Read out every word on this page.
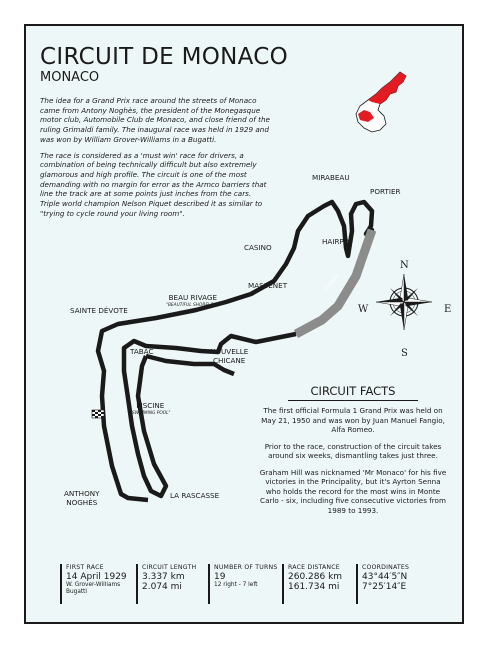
CIRCUIT DE MONACO
MONACO

The idea for a Grand Prix race around the streets of Monaco came from Antony Noghès, the president of the Monegasque motor club, Automobile Club de Monaco, and close friend of the ruling Grimaldi family. The inaugural race was held in 1929 and was won by William Grover-Williams in a Bugatti.

The race is considered as a 'must win' race for drivers, a combination of being technically difficult but also extremely glamorous and high profile. The circuit is one of the most demanding with no margin for error as the Armco barriers that line the track are at some points just inches from the cars. Triple world champion Nelson Piquet described it as similar to "trying to cycle round your living room".

TUNNEL
MIRABEAU
PORTIER
HAIRPIN
CASINO
MASSENET
BEAU RIVAGE
"BEAUTIFUL SHORELINE"
SAINTE DÉVOTE
TABAC	NOUVELLE
CHICANE
PISCINE
"SWIMMING POOL"
ANTHONY
NOGHÈS
LA RASCASSE
N
S
W	E
CIRCUIT FACTS

The first official Formula 1 Grand Prix was held on May 21, 1950 and was won by Juan Manuel Fangio, Alfa Romeo.

Prior to the race, construction of the circuit takes around six weeks, dismantling takes just three.

Graham Hill was nicknamed 'Mr Monaco' for his five victories in the Principality, but it's Ayrton Senna who holds the record for the most wins in Monte Carlo - six, including five consecutive victories from 1989 to 1993.

FIRST RACE
14 April 1929
W. Grover-Williams
Bugatti
CIRCUIT LENGTH
3.337 km
2.074 mi
NUMBER OF TURNS
19
12 right - 7 left
RACE DISTANCE
260.286 km
161.734 mi
COORDINATES
43°44′5″N
7°25′14″E
